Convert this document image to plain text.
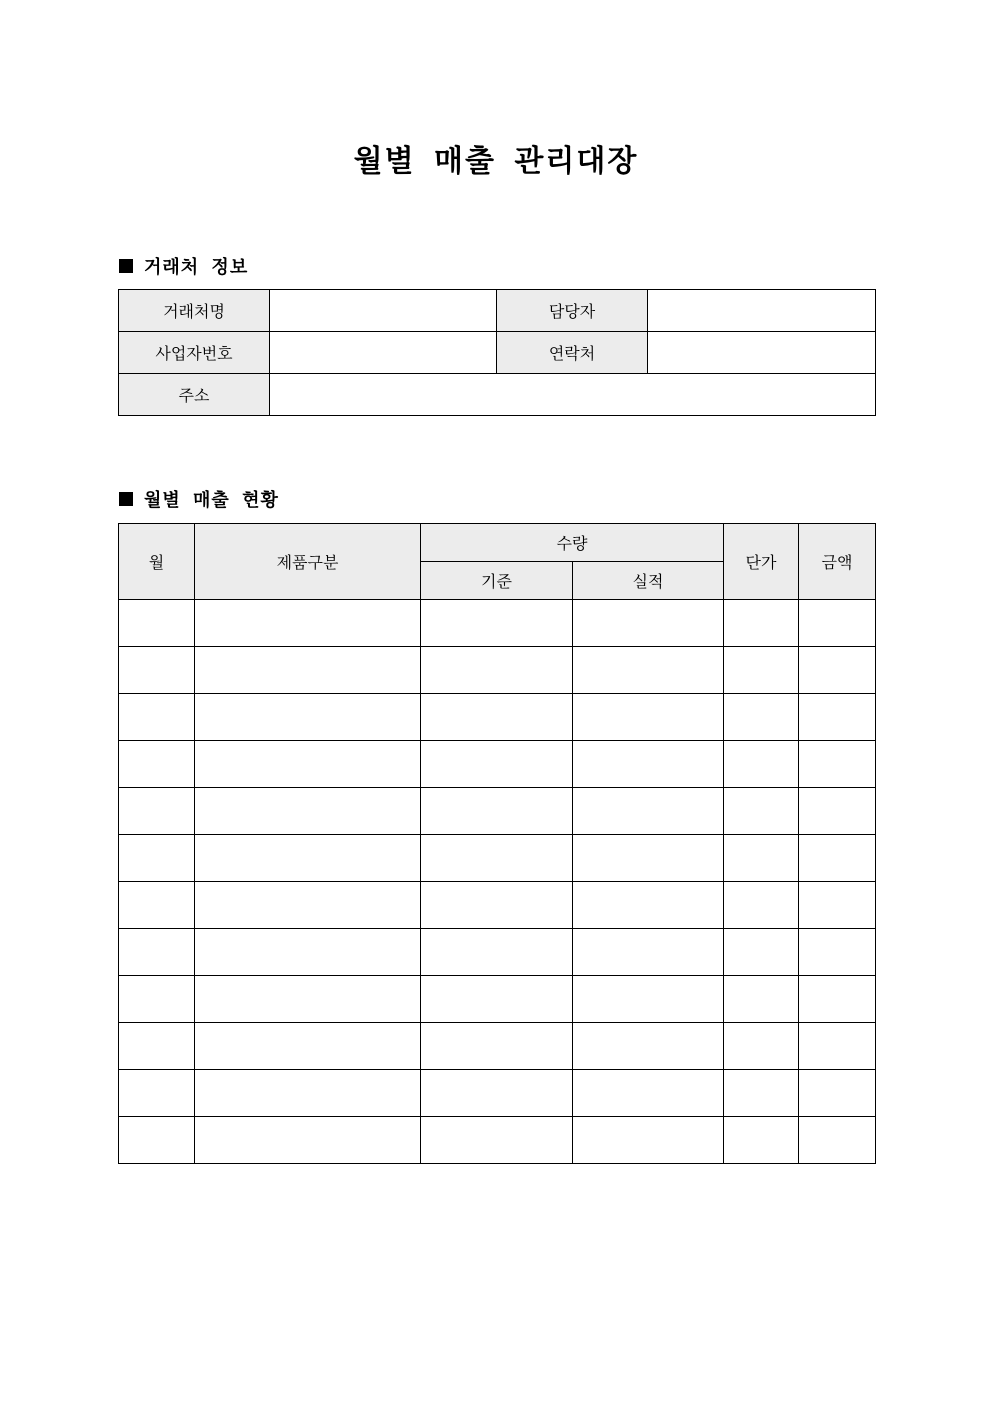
월별 매출 관리대장
거래처 정보
거래처명		담당자	
사업자번호		연락처	
주소			
월별 매출 현황
월	제품구분	수량		단가	금액
		기준	실적		
